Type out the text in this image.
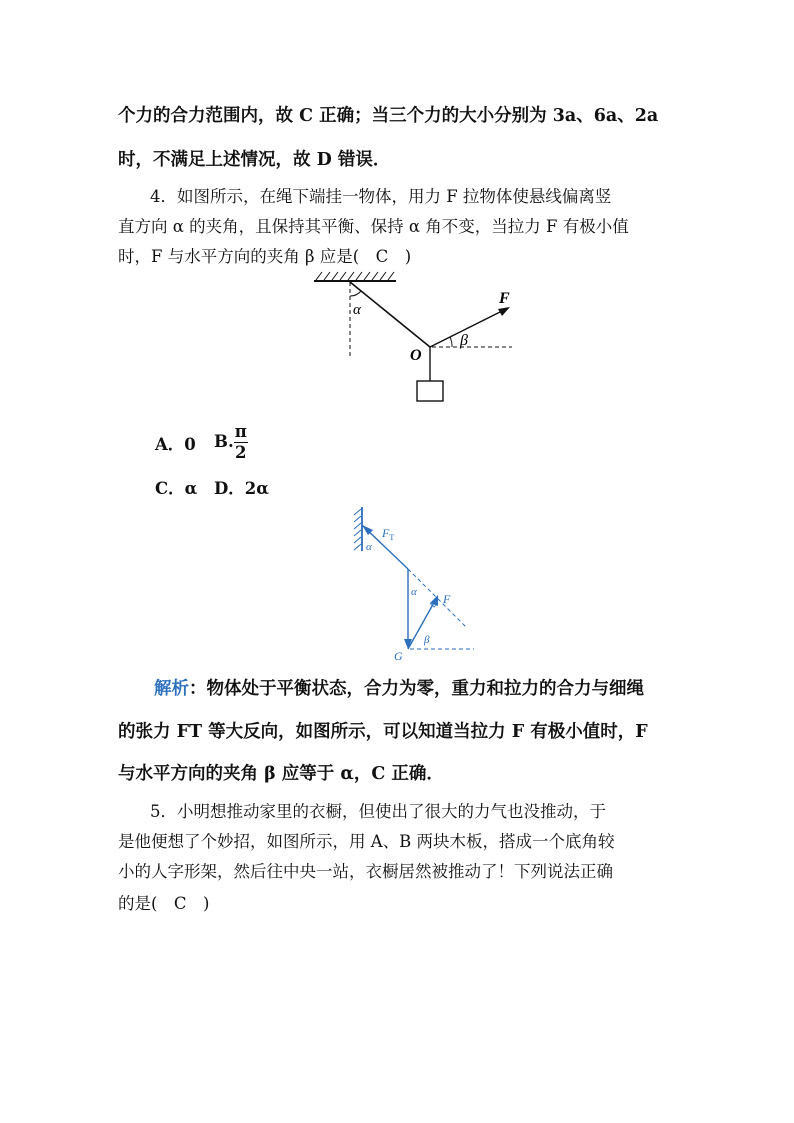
个力的合力范围内，故 C 正确；当三个力的大小分别为 3a、6a、2a
时，不满足上述情况，故 D 错误．
4．如图所示，在绳下端挂一物体，用力 F 拉物体使悬线偏离竖
直方向 α 的夹角，且保持其平衡、保持 α 角不变，当拉力 F 有极小值
时，F 与水平方向的夹角 β 应是(　C　)
α
F
β
O
A．0 B. $\frac{\pi}{2}$
C．α D．2α
$F_T$
α
α F
β
G
解析：物体处于平衡状态，合力为零，重力和拉力的合力与细绳
的张力 FT 等大反向，如图所示，可以知道当拉力 F 有极小值时，F
与水平方向的夹角 β 应等于 α，C 正确．
5．小明想推动家里的衣橱，但使出了很大的力气也没推动，于
是他便想了个妙招，如图所示，用 A、B 两块木板，搭成一个底角较
小的人字形架，然后往中央一站，衣橱居然被推动了！下列说法正确
的是(　C　)
